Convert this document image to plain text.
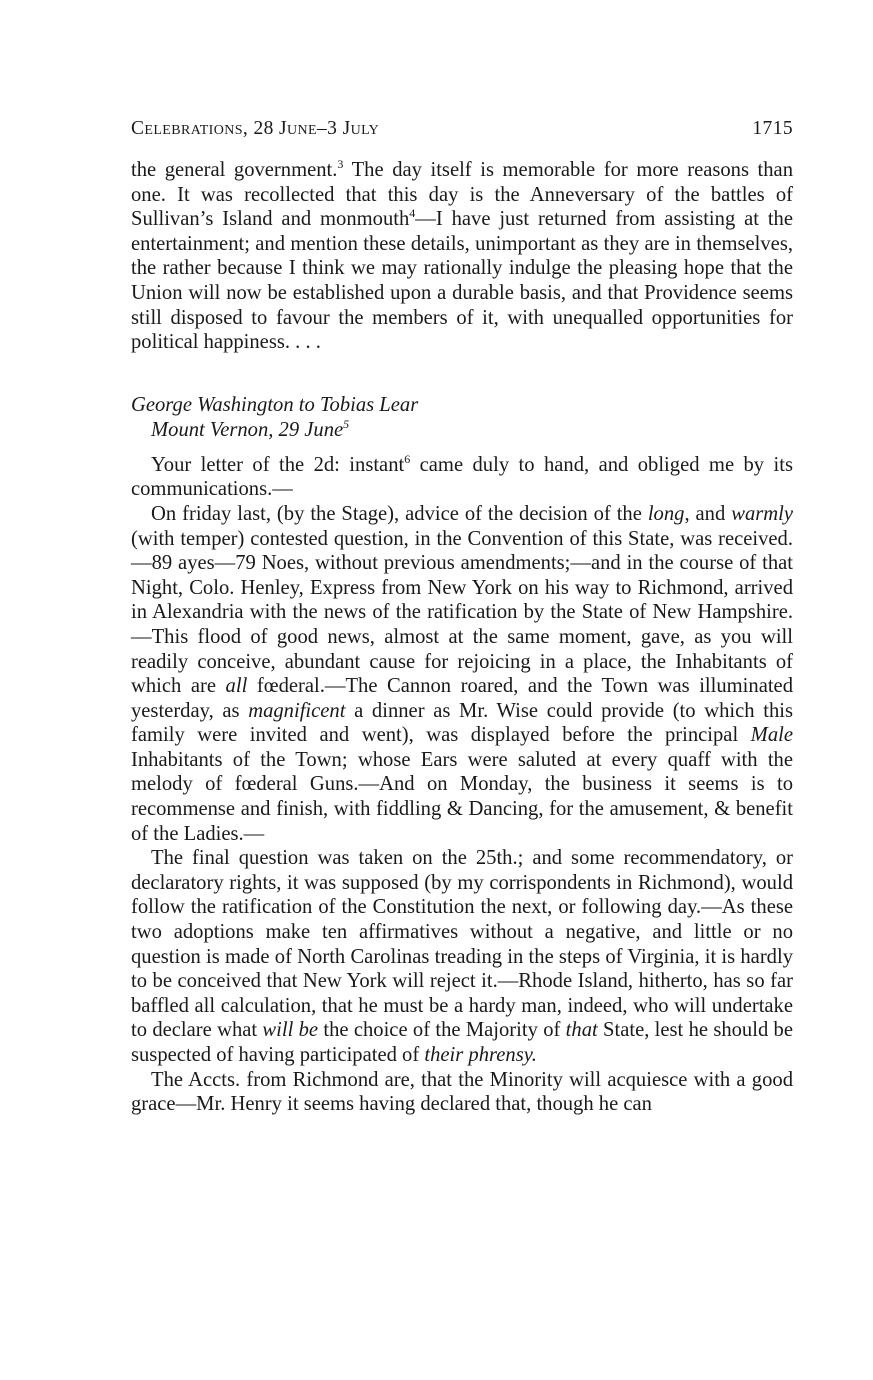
Celebrations, 28 June–3 July	1715

the general government.$^3$ The day itself is memorable for more reasons than one. It was recollected that this day is the Anneversary of the battles of Sullivan’s Island and monmouth$^4$—I have just returned from assisting at the entertainment; and mention these details, unimportant as they are in themselves, the rather because I think we may rationally indulge the pleasing hope that the Union will now be established upon a durable basis, and that Providence seems still disposed to favour the members of it, with unequalled opportunities for political happiness. . . .

George Washington to Tobias Lear
Mount Vernon, 29 June$^5$

Your letter of the 2d: instant$^6$ came duly to hand, and obliged me by its communications.—

On friday last, (by the Stage), advice of the decision of the long, and warmly (with temper) contested question, in the Convention of this State, was received.—89 ayes—79 Noes, without previous amendments;—and in the course of that Night, Colo. Henley, Express from New York on his way to Richmond, arrived in Alexandria with the news of the ratification by the State of New Hampshire.—This flood of good news, almost at the same moment, gave, as you will readily conceive, abundant cause for rejoicing in a place, the Inhabitants of which are all fœderal.—The Cannon roared, and the Town was illuminated yesterday, as magnificent a dinner as Mr. Wise could provide (to which this family were invited and went), was displayed before the principal Male Inhabitants of the Town; whose Ears were saluted at every quaff with the melody of fœderal Guns.—And on Monday, the business it seems is to recommense and finish, with fiddling & Dancing, for the amusement, & benefit of the Ladies.—

The final question was taken on the 25th.; and some recommendatory, or declaratory rights, it was supposed (by my corrispondents in Richmond), would follow the ratification of the Constitution the next, or following day.—As these two adoptions make ten affirmatives without a negative, and little or no question is made of North Carolinas treading in the steps of Virginia, it is hardly to be conceived that New York will reject it.—Rhode Island, hitherto, has so far baffled all calculation, that he must be a hardy man, indeed, who will undertake to declare what will be the choice of the Majority of that State, lest he should be suspected of having participated of their phrensy.

The Accts. from Richmond are, that the Minority will acquiesce with a good grace—Mr. Henry it seems having declared that, though he can
